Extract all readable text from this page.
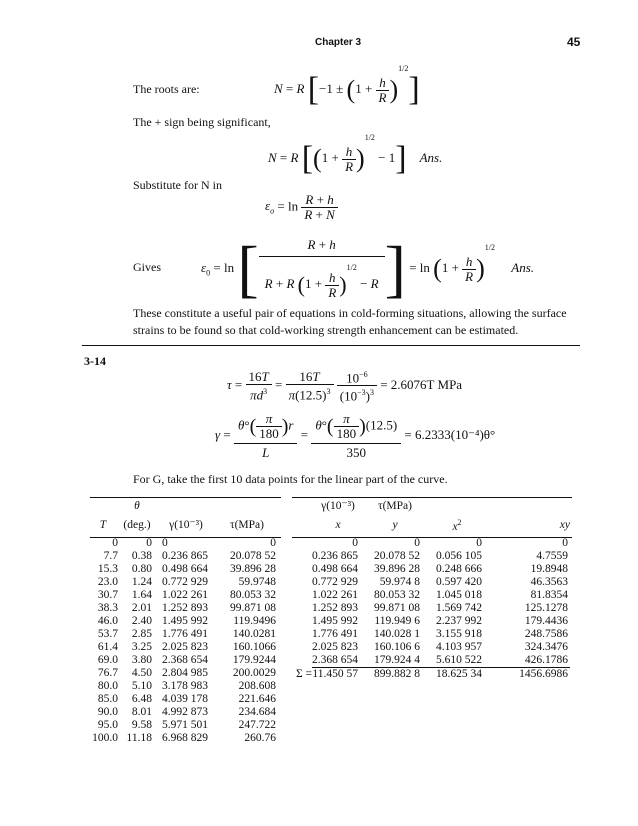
Chapter 3	45
The roots are:	N = R $[-1 \pm (1 + \frac{h}{R} )^{1/2}]$
The + sign being significant,
N = R $[(1 + \frac{h}{R} )^{1/2} - 1]$ Ans.
Substitute for N in
$\varepsilon_o = \ln \frac{R + h}{R + N}$
Gives	$\varepsilon_0 = \ln$ [ $\frac{R + h}{R + R (1 + \frac{h}{R} )^{1/2} - R}$ ] = $\ln (1 + \frac{h}{R} )^{1/2}$     Ans.
These constitute a useful pair of equations in cold-forming situations, allowing the surface
strains to be found so that cold-working strength enhancement can be estimated.
3-14
$\tau = \frac{16T}{\pi d^3} = \frac{16T}{\pi(12.5)^3}$
$\frac{10^{-6}}{(10^{-3})^3} = 2.6076T$ MPa
$\gamma = \frac{\theta^\circ( \frac{\pi}{180} )r}{L} = \frac{\theta^\circ( \frac{\pi}{180} )(12.5)}{350} = 6.2333(10^{-4})\theta^\circ$
For G, take the first 10 data points for the linear part of the curve.
	θ		
T	(deg.)	γ(10⁻³)	τ(MPa)
0	0	0	0
7.7	0.38	0.236 865	20.078 52
15.3	0.80	0.498 664	39.896 28
23.0	1.24	0.772 929	59.9748
30.7	1.64	1.022 261	80.053 32
38.3	2.01	1.252 893	99.871 08
46.0	2.40	1.495 992	119.9496
53.7	2.85	1.776 491	140.0281
61.4	3.25	2.025 823	160.1066
69.0	3.80	2.368 654	179.9244
76.7	4.50	2.804 985	200.0029
80.0	5.10	3.178 983	208.608
85.0	6.48	4.039 178	221.646
90.0	8.01	4.992 873	234.684
95.0	9.58	5.971 501	247.722
100.0	11.18	6.968 829	260.76
	γ(10⁻³)	τ(MPa)		
	x	y	$x^2$	xy
	0	0	0	0
	0.236 865	20.078 52	0.056 105	4.7559
	0.498 664	39.896 28	0.248 666	19.8948
	0.772 929	59.974 8	0.597 420	46.3563
	1.022 261	80.053 32	1.045 018	81.8354
	1.252 893	99.871 08	1.569 742	125.1278
	1.495 992	119.949 6	2.237 992	179.4436
	1.776 491	140.028 1	3.155 918	248.7586
	2.025 823	160.106 6	4.103 957	324.3476
	2.368 654	179.924 4	5.610 522	426.1786
Σ =	11.450 57	899.882 8	18.625 34	1456.6986
